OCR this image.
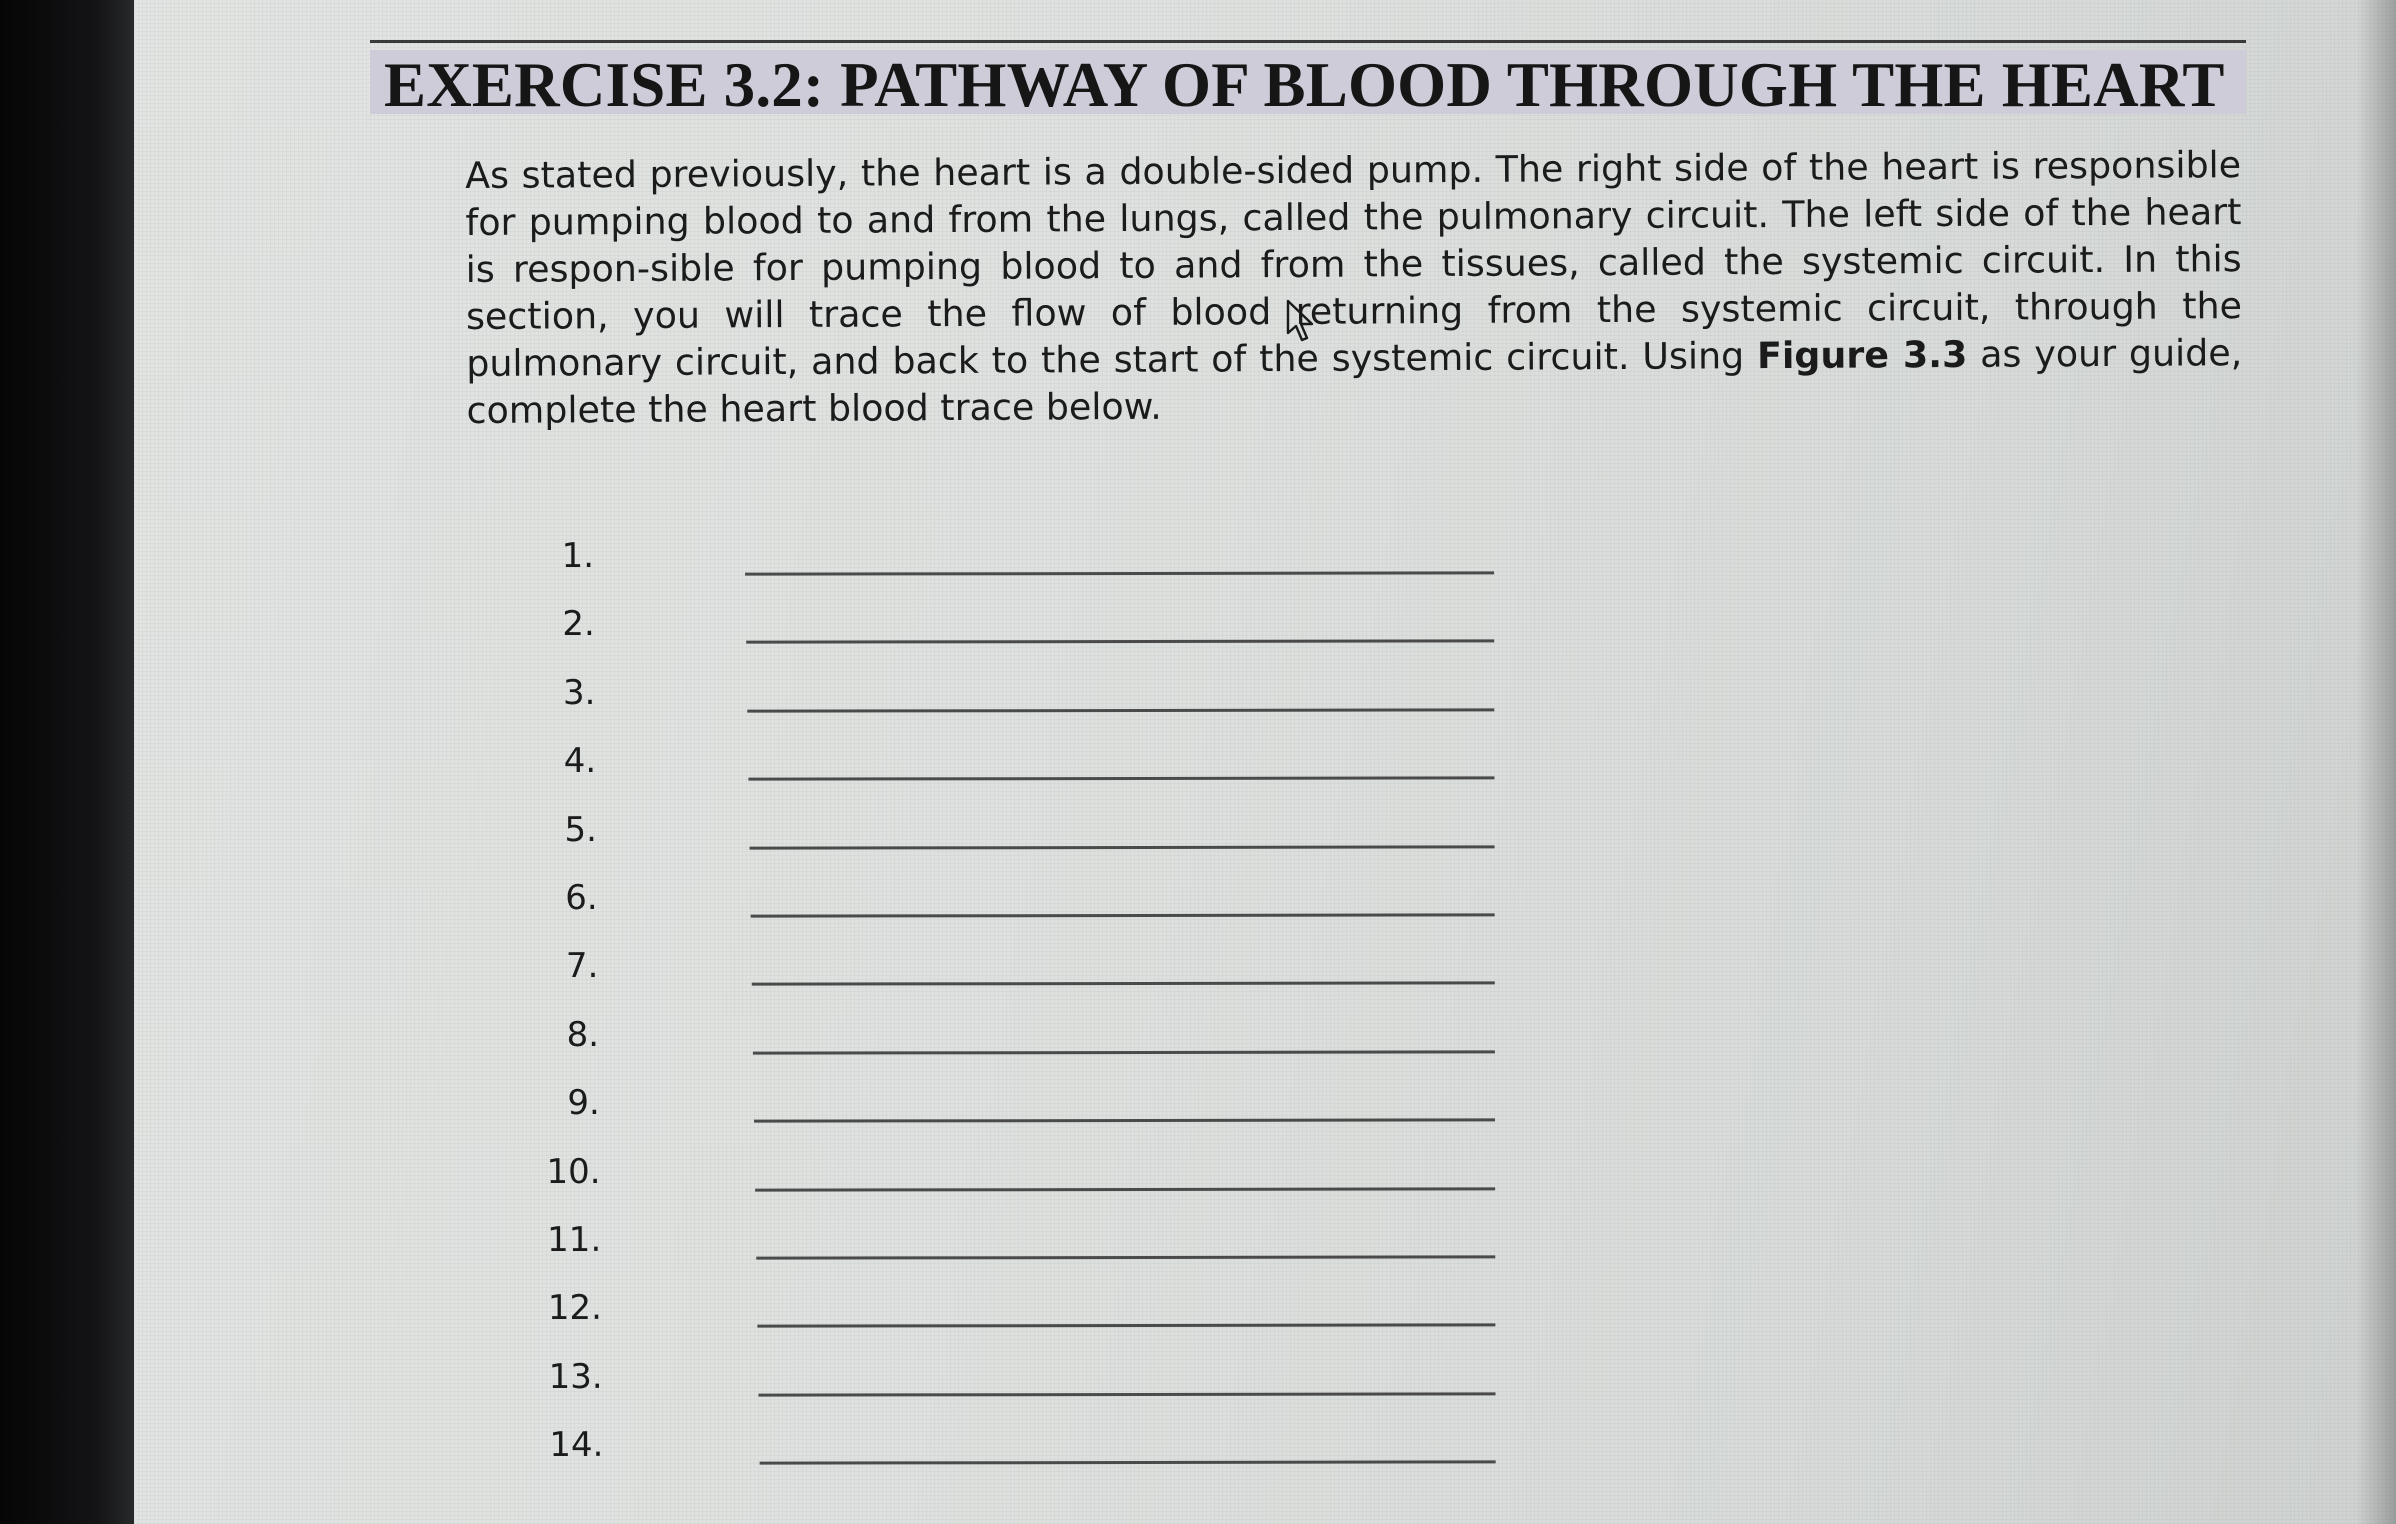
EXERCISE 3.2: PATHWAY OF BLOOD THROUGH THE HEART
As stated previously, the heart is a double-sided pump. The right side of the heart is responsible for pumping blood to and from the lungs, called the pulmonary circuit. The left side of the heart is respon-sible for pumping blood to and from the tissues, called the systemic circuit. In this section, you will trace the flow of blood returning from the systemic circuit, through the pulmonary circuit, and back to the start of the systemic circuit. Using Figure 3.3 as your guide, complete the heart blood trace below.
1.
2.
3.
4.
5.
6.
7.
8.
9.
10.
11.
12.
13.
14.
